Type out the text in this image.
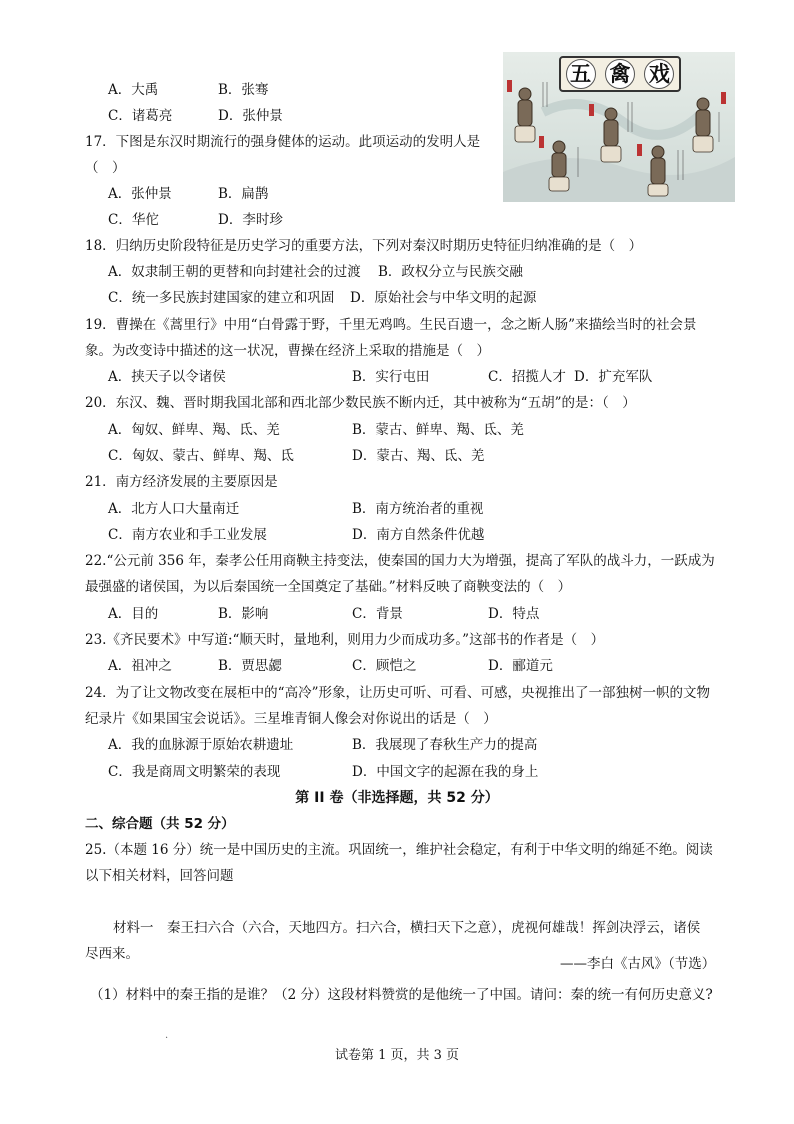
A．大禹	B．张骞
C．诸葛亮	D．张仲景
17．下图是东汉时期流行的强身健体的运动。此项运动的发明人是
（　）
A．张仲景	B．扁鹊
C．华佗	D．李时珍
18．归纳历史阶段特征是历史学习的重要方法，下列对秦汉时期历史特征归纳准确的是（　）
A．奴隶制王朝的更替和向封建社会的过渡 B．政权分立与民族交融
C．统一多民族封建国家的建立和巩固 D．原始社会与中华文明的起源
19．曹操在《蒿里行》中用“白骨露于野，千里无鸡鸣。生民百遗一，念之断人肠”来描绘当时的社会景
象。为改变诗中描述的这一状况，曹操在经济上采取的措施是（　）
A．挟天子以令诸侯	B．实行屯田	C．招揽人才 D．扩充军队
20．东汉、魏、晋时期我国北部和西北部少数民族不断内迁，其中被称为“五胡”的是：（　）
A．匈奴、鲜卑、羯、氐、羌	B．蒙古、鲜卑、羯、氐、羌
C．匈奴、蒙古、鲜卑、羯、氐	D．蒙古、羯、氐、羌
21．南方经济发展的主要原因是
A．北方人口大量南迁	B．南方统治者的重视
C．南方农业和手工业发展	D．南方自然条件优越
22.“公元前 356 年，秦孝公任用商鞅主持变法，使秦国的国力大为增强，提高了军队的战斗力，一跃成为
最强盛的诸侯国，为以后秦国统一全国奠定了基础。”材料反映了商鞅变法的（　）
A．目的	B．影响	C．背景	D．特点
23.《齐民要术》中写道:“顺天时，量地利，则用力少而成功多。”这部书的作者是（　）
A．祖冲之	B．贾思勰	C．顾恺之	D．郦道元
24．为了让文物改变在展柜中的“高冷”形象，让历史可听、可看、可感，央视推出了一部独树一帜的文物
纪录片《如果国宝会说话》。三星堆青铜人像会对你说出的话是（　）
A．我的血脉源于原始农耕遗址	B．我展现了春秋生产力的提高
C．我是商周文明繁荣的表现	D．中国文字的起源在我的身上
二、综合题（共 52 分）
25.（本题 16 分）统一是中国历史的主流。巩固统一，维护社会稳定，有利于中华文明的绵延不绝。阅读
以下相关材料，回答问题
材料一　秦王扫六合（六合，天地四方。扫六合，横扫天下之意），虎视何雄哉！挥剑决浮云，诸侯
尽西来。
——李白《古风》（节选）
（1）材料中的秦王指的是谁？（2 分）这段材料赞赏的是他统一了中国。请问：秦的统一有何历史意义?
第 II 卷（非选择题，共 52 分）
五 禽 戏
·
试卷第 1 页，共 3 页
